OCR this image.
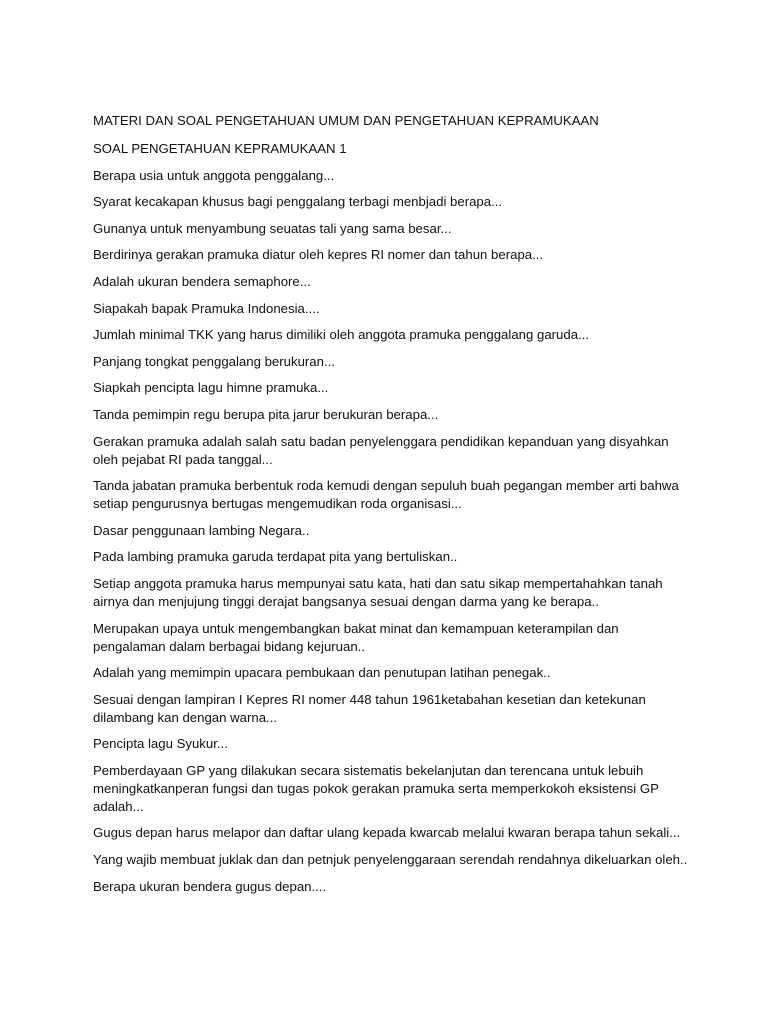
MATERI DAN SOAL PENGETAHUAN UMUM DAN PENGETAHUAN KEPRAMUKAAN

SOAL PENGETAHUAN KEPRAMUKAAN 1

Berapa usia untuk anggota penggalang...

Syarat kecakapan khusus bagi penggalang terbagi menbjadi berapa...

Gunanya untuk menyambung seuatas tali yang sama besar...

Berdirinya gerakan pramuka diatur oleh kepres RI nomer dan tahun berapa...

Adalah ukuran bendera semaphore...

Siapakah bapak Pramuka Indonesia....

Jumlah minimal TKK yang harus dimiliki oleh anggota pramuka penggalang garuda...

Panjang tongkat penggalang berukuran...

Siapkah pencipta lagu himne pramuka...

Tanda pemimpin regu berupa pita jarur berukuran berapa...

Gerakan pramuka adalah salah satu badan penyelenggara pendidikan kepanduan yang disyahkan oleh pejabat RI pada tanggal...

Tanda jabatan pramuka berbentuk roda kemudi dengan sepuluh buah pegangan member arti bahwa setiap pengurusnya bertugas mengemudikan roda organisasi...

Dasar penggunaan lambing Negara..

Pada lambing pramuka garuda terdapat pita yang bertuliskan..

Setiap anggota pramuka harus mempunyai satu kata, hati dan satu sikap mempertahahkan tanah airnya dan menjujung tinggi derajat bangsanya sesuai dengan darma yang ke berapa..

Merupakan upaya untuk mengembangkan bakat minat dan kemampuan keterampilan dan pengalaman dalam berbagai bidang kejuruan..

Adalah yang memimpin upacara pembukaan dan penutupan latihan penegak..

Sesuai dengan lampiran I Kepres RI nomer 448 tahun 1961ketabahan kesetian dan ketekunan dilambang kan dengan warna...

Pencipta lagu Syukur...

Pemberdayaan GP yang dilakukan secara sistematis bekelanjutan dan terencana untuk lebuih meningkatkanperan fungsi dan tugas pokok gerakan pramuka serta memperkokoh eksistensi GP adalah...

Gugus depan harus melapor dan daftar ulang kepada kwarcab melalui kwaran berapa tahun sekali...

Yang wajib membuat juklak dan dan petnjuk penyelenggaraan serendah rendahnya dikeluarkan oleh..

Berapa ukuran bendera gugus depan....
